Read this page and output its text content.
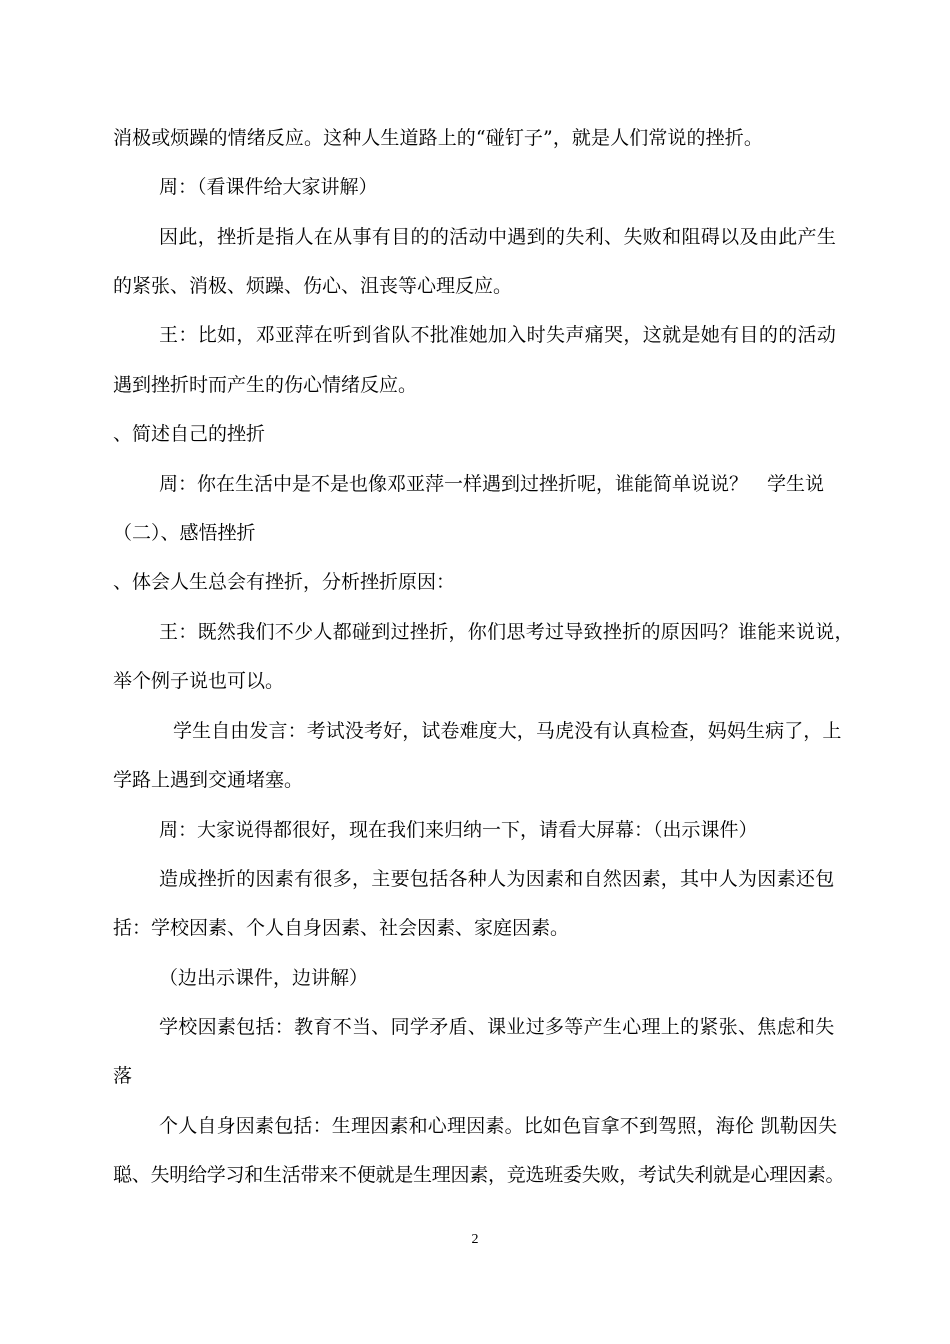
消极或烦躁的情绪反应。这种人生道路上的“碰钉子”，就是人们常说的挫折。
周：（看课件给大家讲解）
因此，挫折是指人在从事有目的的活动中遇到的失利、失败和阻碍以及由此产生
的紧张、消极、烦躁、伤心、沮丧等心理反应。
王：比如，邓亚萍在听到省队不批准她加入时失声痛哭，这就是她有目的的活动
遇到挫折时而产生的伤心情绪反应。
、简述自己的挫折
周：你在生活中是不是也像邓亚萍一样遇到过挫折呢，谁能简单说说？　学生说
（二）、感悟挫折
、体会人生总会有挫折，分析挫折原因：
王：既然我们不少人都碰到过挫折，你们思考过导致挫折的原因吗？谁能来说说，
举个例子说也可以。
学生自由发言：考试没考好，试卷难度大，马虎没有认真检查，妈妈生病了，上
学路上遇到交通堵塞。
周：大家说得都很好，现在我们来归纳一下，请看大屏幕：（出示课件）
造成挫折的因素有很多，主要包括各种人为因素和自然因素，其中人为因素还包
括：学校因素、个人自身因素、社会因素、家庭因素。
（边出示课件，边讲解）
学校因素包括：教育不当、同学矛盾、课业过多等产生心理上的紧张、焦虑和失
落
个人自身因素包括：生理因素和心理因素。比如色盲拿不到驾照，海伦 凯勒因失
聪、失明给学习和生活带来不便就是生理因素，竞选班委失败，考试失利就是心理因素。
2
